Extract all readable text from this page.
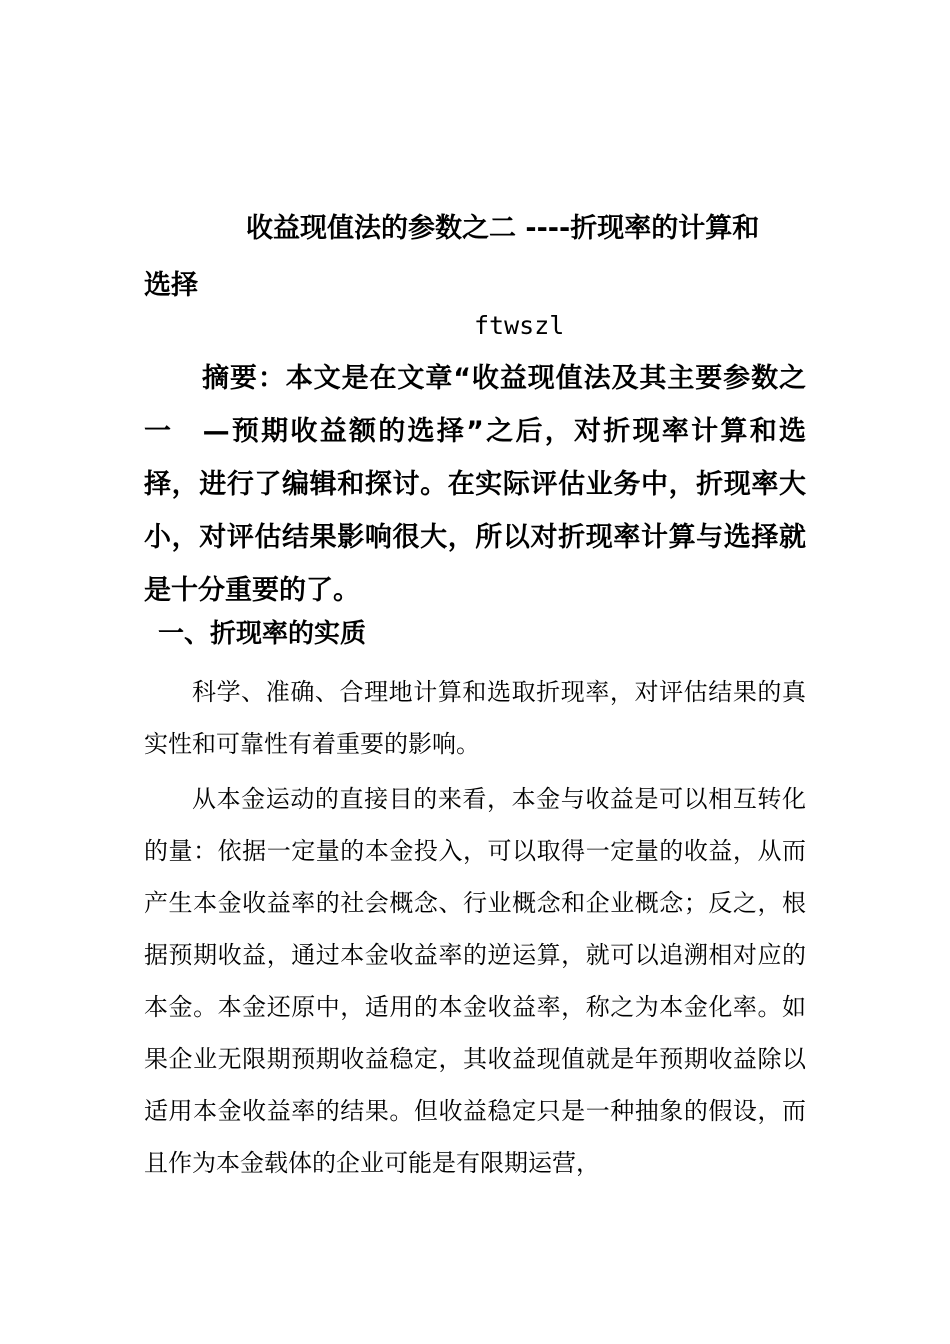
收益现值法的参数之二 ----折现率的计算和
选择
ftwszl

摘要：本文是在文章“收益现值法及其主要参数之一　—预期收益额的选择”之后，对折现率计算和选择，进行了编辑和探讨。在实际评估业务中，折现率大小，对评估结果影响很大，所以对折现率计算与选择就是十分重要的了。

一、折现率的实质

科学、准确、合理地计算和选取折现率，对评估结果的真实性和可靠性有着重要的影响。

从本金运动的直接目的来看，本金与收益是可以相互转化的量：依据一定量的本金投入，可以取得一定量的收益，从而产生本金收益率的社会概念、行业概念和企业概念；反之，根据预期收益，通过本金收益率的逆运算，就可以追溯相对应的本金。本金还原中，适用的本金收益率，称之为本金化率。如果企业无限期预期收益稳定，其收益现值就是年预期收益除以适用本金收益率的结果。但收益稳定只是一种抽象的假设，而且作为本金载体的企业可能是有限期运营，
